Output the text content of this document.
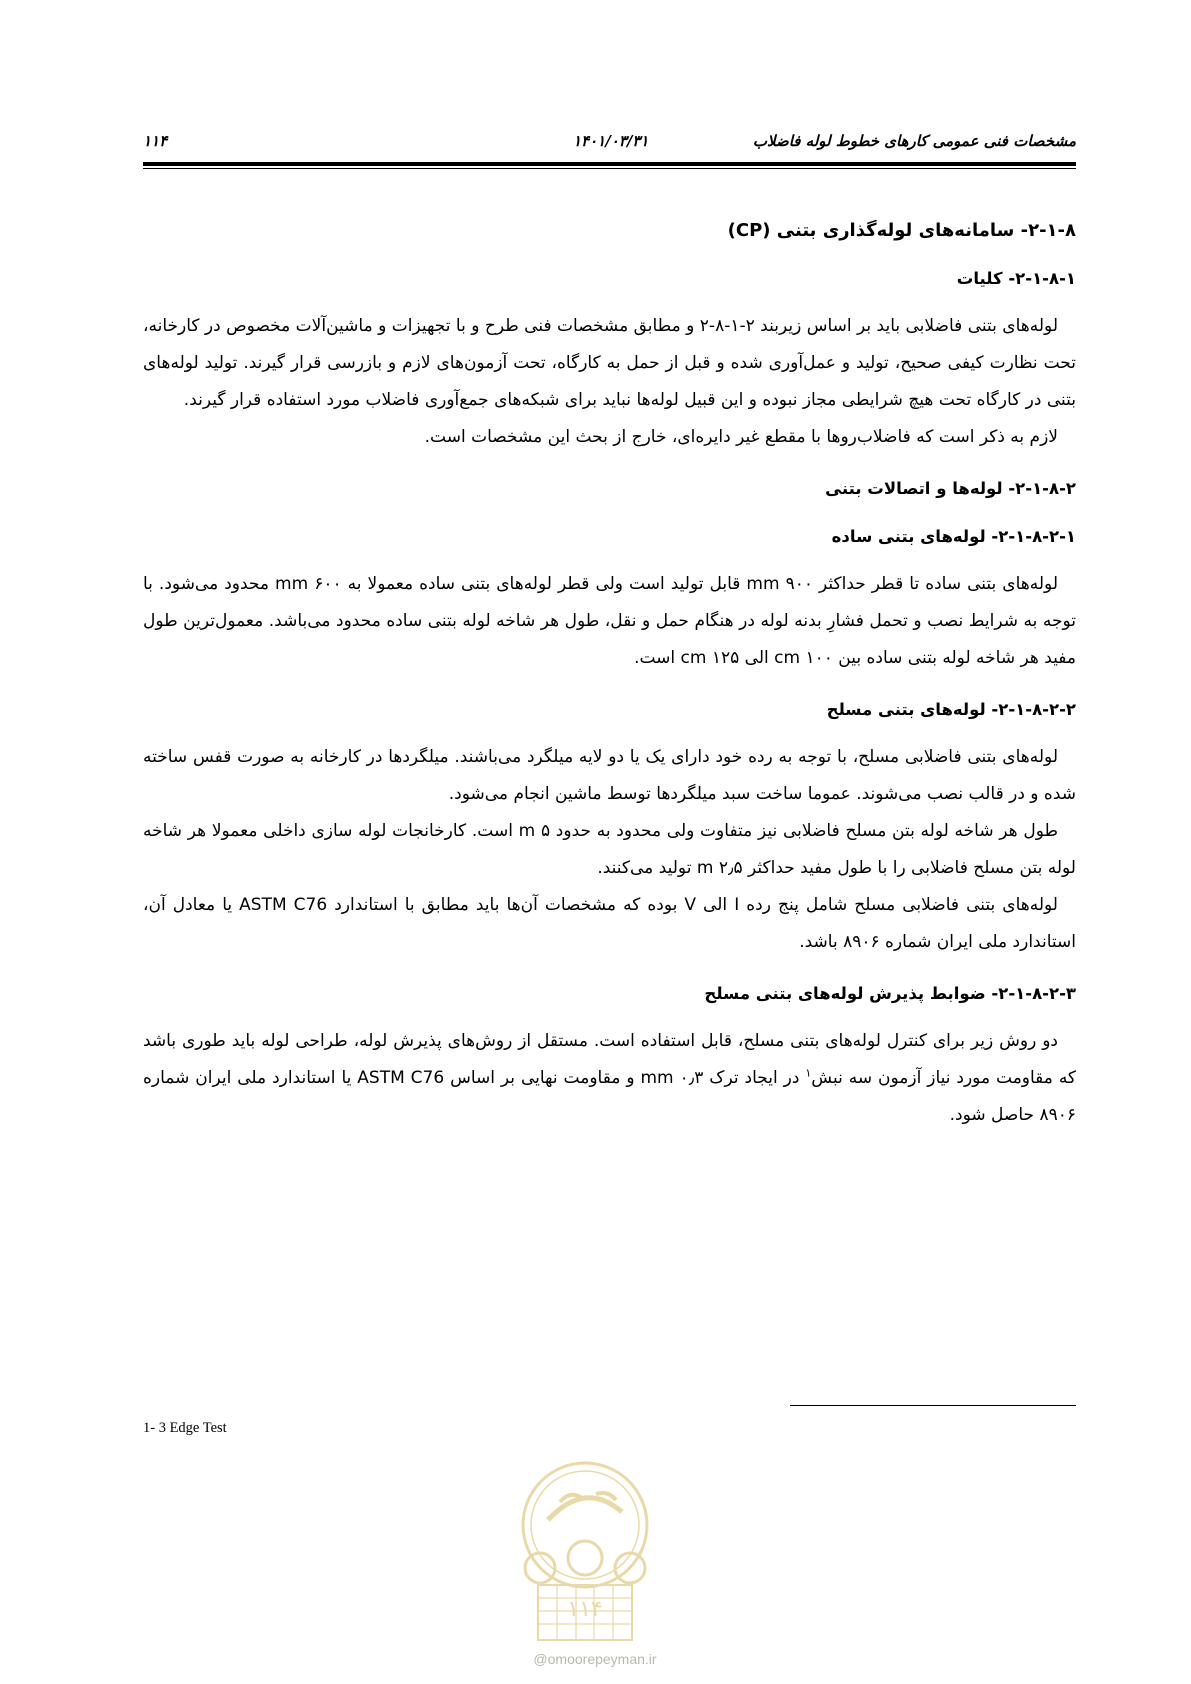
مشخصات فنی عمومی کارهای خطوط لوله فاضلاب
۱۴۰۱/۰۳/۳۱
۱۱۴
۲-۱-۸- سامانه‌های لوله‌گذاری بتنی (CP)
۲-۱-۸-۱- کلیات

لوله‌های بتنی فاضلابی باید بر اساس زیربند ۲-۱-۸-۲ و مطابق مشخصات فنی طرح و با تجهیزات و ماشین‌آلات مخصوص در کارخانه، تحت نظارت کیفی صحیح، تولید و عمل‌آوری شده و قبل از حمل به کارگاه، تحت آزمون‌های لازم و بازرسی قرار گیرند. تولید لوله‌های بتنی در کارگاه تحت هیچ شرایطی مجاز نبوده و این قبیل لوله‌ها نباید برای شبکه‌های جمع‌آوری فاضلاب مورد استفاده قرار گیرند.

لازم به ذکر است که فاضلاب‌روها با مقطع غیر دایره‌ای، خارج از بحث این مشخصات است.

۲-۱-۸-۲- لوله‌ها و اتصالات بتنی
۲-۱-۸-۲-۱- لوله‌های بتنی ساده

لوله‌های بتنی ساده تا قطر حداکثر ۹۰۰ mm قابل تولید است ولی قطر لوله‌های بتنی ساده معمولا به ۶۰۰ mm محدود می‌شود. با توجه به شرایط نصب و تحمل فشارِ بدنه لوله در هنگام حمل و نقل، طول هر شاخه لوله بتنی ساده محدود می‌باشد. معمول‌ترین طول مفید هر شاخه لوله بتنی ساده بین ۱۰۰ cm الی ۱۲۵ cm است.

۲-۱-۸-۲-۲- لوله‌های بتنی مسلح

لوله‌های بتنی فاضلابی مسلح، با توجه به رده خود دارای یک یا دو لایه میلگرد می‌باشند. میلگردها در کارخانه به صورت قفس ساخته شده و در قالب نصب می‌شوند. عموما ساخت سبد میلگردها توسط ماشین انجام می‌شود.

طول هر شاخه لوله بتن مسلح فاضلابی نیز متفاوت ولی محدود به حدود ۵ m است. کارخانجات لوله سازی داخلی معمولا هر شاخه لوله بتن مسلح فاضلابی را با طول مفید حداکثر ۲٫۵ m تولید می‌کنند.

لوله‌های بتنی فاضلابی مسلح شامل پنج رده I الی V بوده که مشخصات آن‌ها باید مطابق با استاندارد ASTM C76 یا معادل آن، استاندارد ملی ایران شماره ۸۹۰۶ باشد.

۲-۱-۸-۲-۳- ضوابط پذیرش لوله‌های بتنی مسلح

دو روش زیر برای کنترل لوله‌های بتنی مسلح، قابل استفاده است. مستقل از روش‌های پذیرش لوله، طراحی لوله باید طوری باشد که مقاومت مورد نیاز آزمون سه نبش$^۱$ در ایجاد ترک ۰٫۳ mm و مقاومت نهایی بر اساس ASTM C76 یا استاندارد ملی ایران شماره ۸۹۰۶ حاصل شود.

1- 3 Edge Test
۱۱۴
@omoorepeyman.ir
